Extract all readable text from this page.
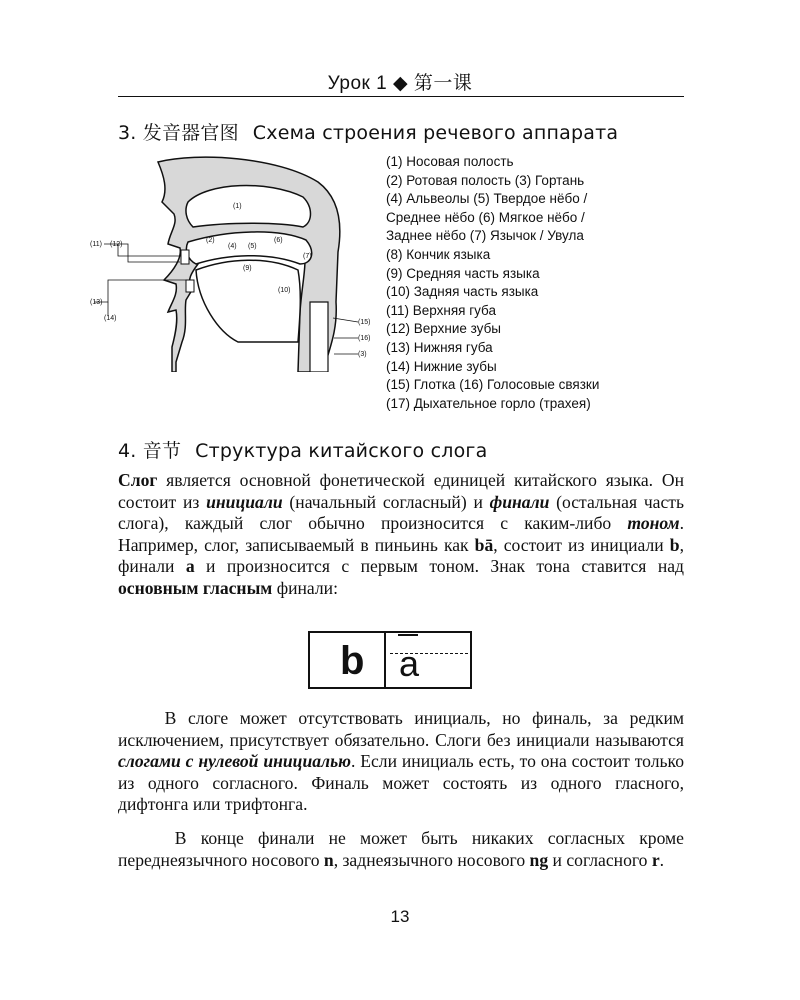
Урок 1 ◆ 第一课
3. 发音器官图 Схема строения речевого аппарата
(1)
(4) (5)
(6)
(7)
(9)
(10)
(11) (12)
(13)
(14)
(15)
(16)
(3)
(2)
(1) Носовая полость
(2) Ротовая полость (3) Гортань
(4) Альвеолы (5) Твердое нёбо /
Среднее нёбо (6) Мягкое нёбо /
Заднее нёбо (7) Язычок / Увула
(8) Кончик языка
(9) Средняя часть языка
(10) Задняя часть языка
(11) Верхняя губа
(12) Верхние зубы
(13) Нижняя губа
(14) Нижние зубы
(15) Глотка (16) Голосовые связки
(17) Дыхательное горло (трахея)
4. 音节 Структура китайского слога

Слог является основной фонетической единицей китайского языка. Он состоит из инициали (начальный согласный) и финали (остальная часть слога), каждый слог обычно произносится с каким-либо тоном. Например, слог, записываемый в пиньинь как bā, состоит из инициали b, финали a и произносится с первым тоном. Знак тона ставится над основным гласным финали:

b a

В слоге может отсутствовать инициаль, но финаль, за редким исключением, присутствует обязательно. Слоги без инициали называются слогами с нулевой инициалью. Если инициаль есть, то она состоит только из одного согласного. Финаль может состоять из одного гласного, дифтонга или трифтонга.

В конце финали не может быть никаких согласных кроме переднеязычного носового n, заднеязычного носового ng и согласного r.

13
